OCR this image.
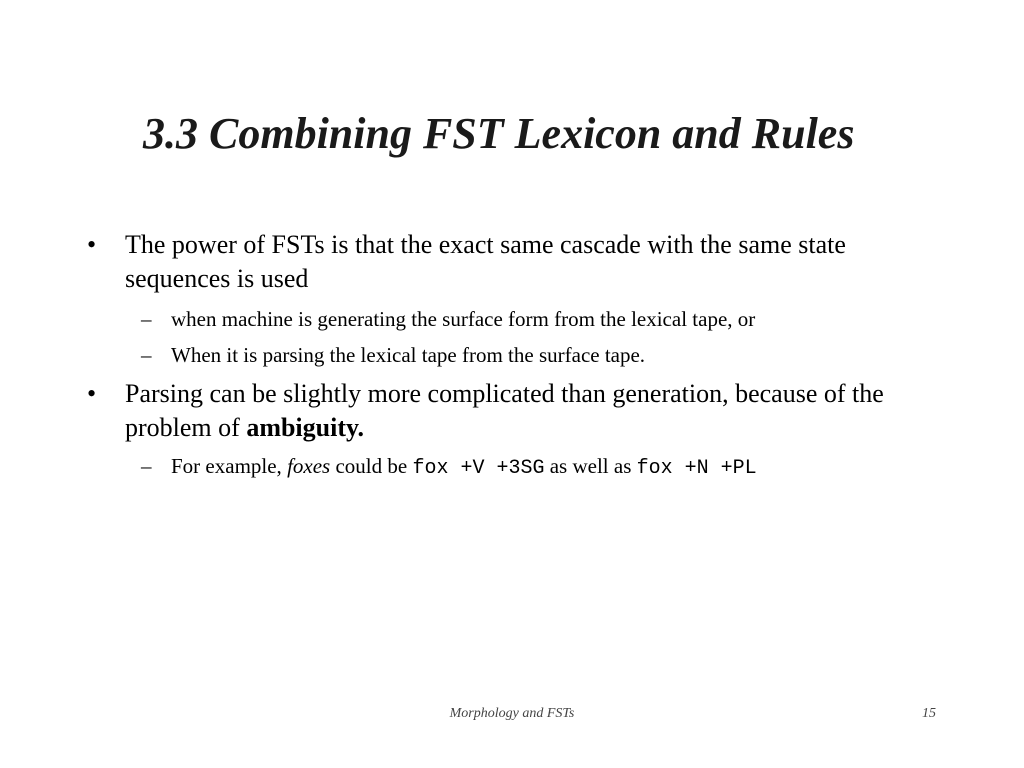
3.3 Combining FST Lexicon and Rules
• The power of FSTs is that the exact same cascade with the same state sequences is used
– when machine is generating the surface form from the lexical tape, or
– When it is parsing the lexical tape from the surface tape.
• Parsing can be slightly more complicated than generation, because of the problem of ambiguity.
– For example, foxes could be fox +V +3SG as well as fox +N +PL
Morphology and FSTs	15
